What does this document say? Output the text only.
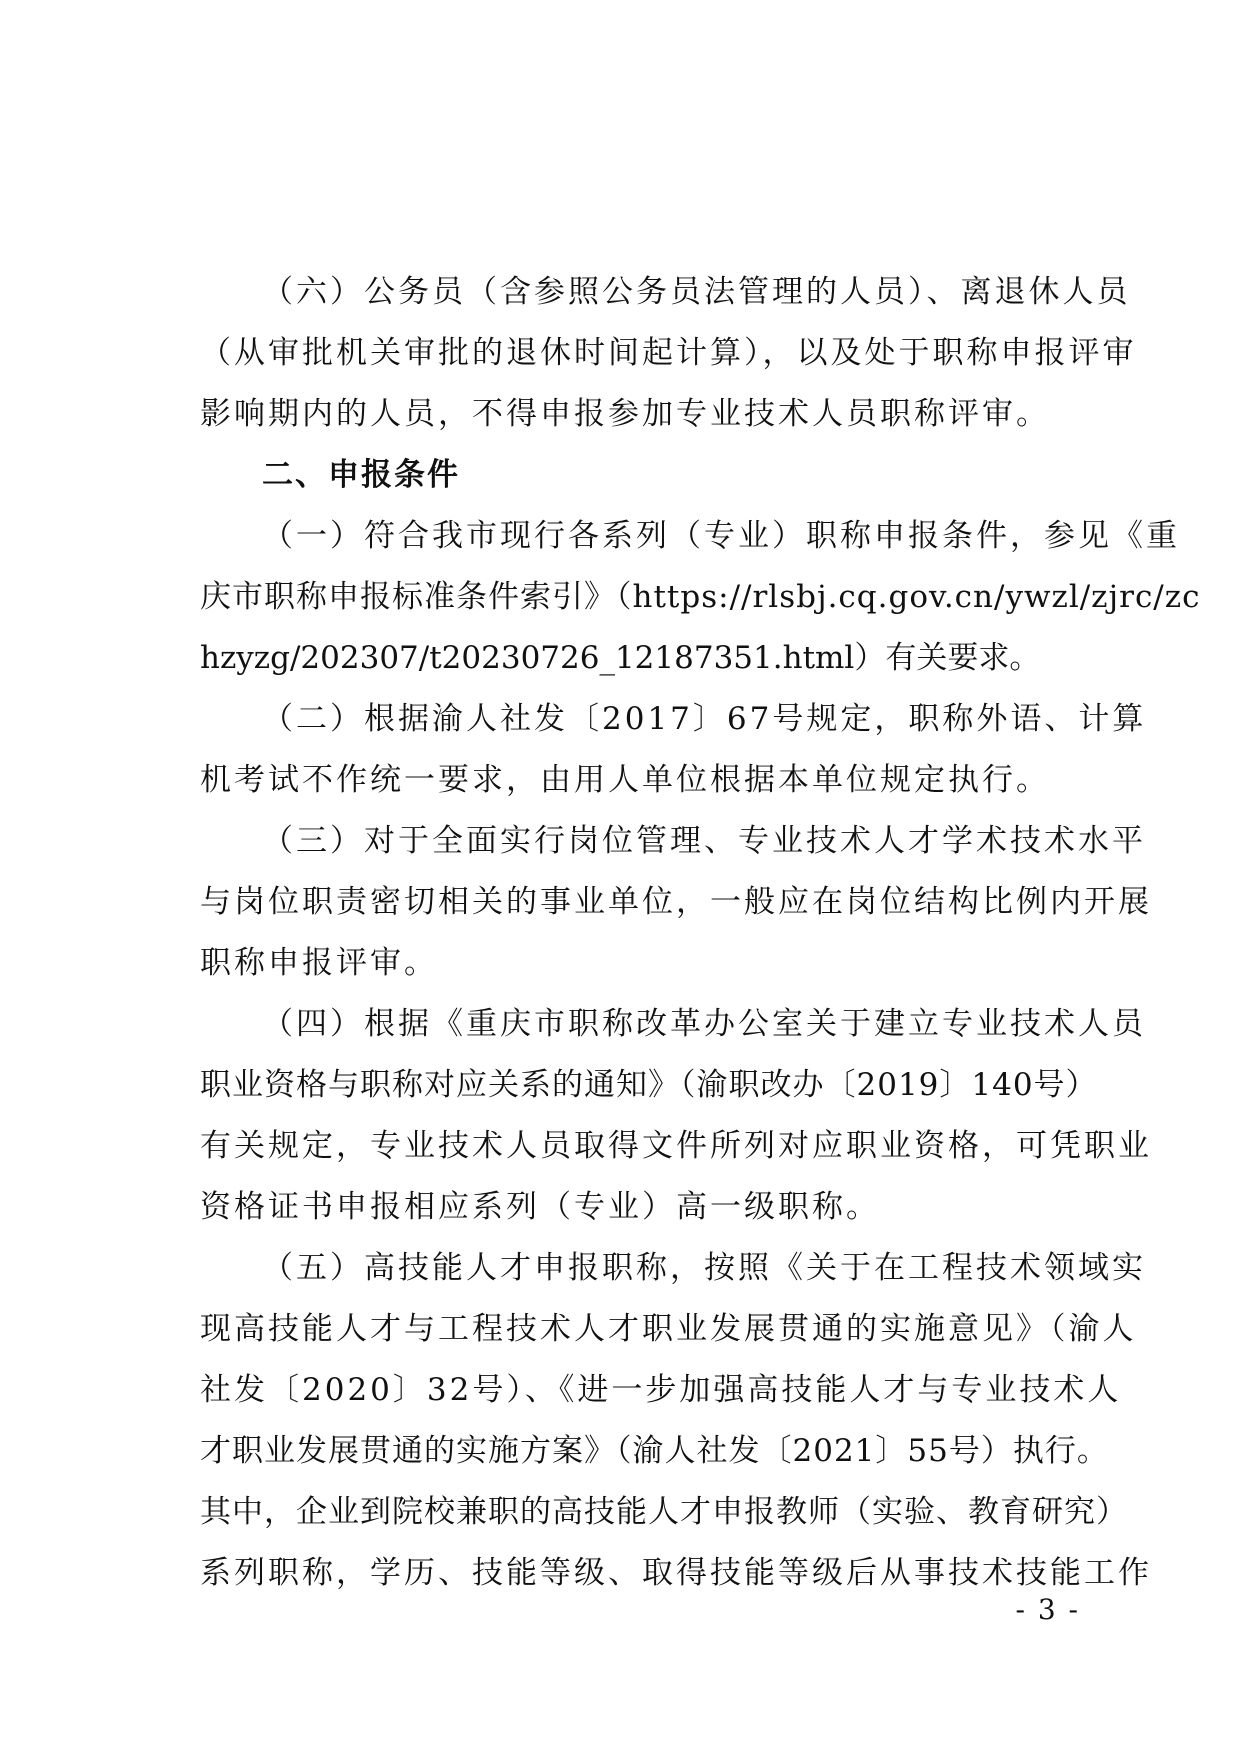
（六）公务员（含参照公务员法管理的人员）、离退休人员
（从审批机关审批的退休时间起计算），以及处于职称申报评审
影响期内的人员，不得申报参加专业技术人员职称评审。
二、申报条件
（一）符合我市现行各系列（专业）职称申报条件，参见《重
庆市职称申报标准条件索引》（https://rlsbj.cq.gov.cn/ywzl/zjrc/zc
hzyzg/202307/t20230726_12187351.html）有关要求。
（二）根据渝人社发〔2017〕67号规定，职称外语、计算
机考试不作统一要求，由用人单位根据本单位规定执行。
（三）对于全面实行岗位管理、专业技术人才学术技术水平
与岗位职责密切相关的事业单位，一般应在岗位结构比例内开展
职称申报评审。
（四）根据《重庆市职称改革办公室关于建立专业技术人员
职业资格与职称对应关系的通知》（渝职改办〔2019〕140号）
有关规定，专业技术人员取得文件所列对应职业资格，可凭职业
资格证书申报相应系列（专业）高一级职称。
（五）高技能人才申报职称，按照《关于在工程技术领域实
现高技能人才与工程技术人才职业发展贯通的实施意见》（渝人
社发〔2020〕32号）、《进一步加强高技能人才与专业技术人
才职业发展贯通的实施方案》（渝人社发〔2021〕55号）执行。
其中，企业到院校兼职的高技能人才申报教师（实验、教育研究）
系列职称，学历、技能等级、取得技能等级后从事技术技能工作
- 3 -
